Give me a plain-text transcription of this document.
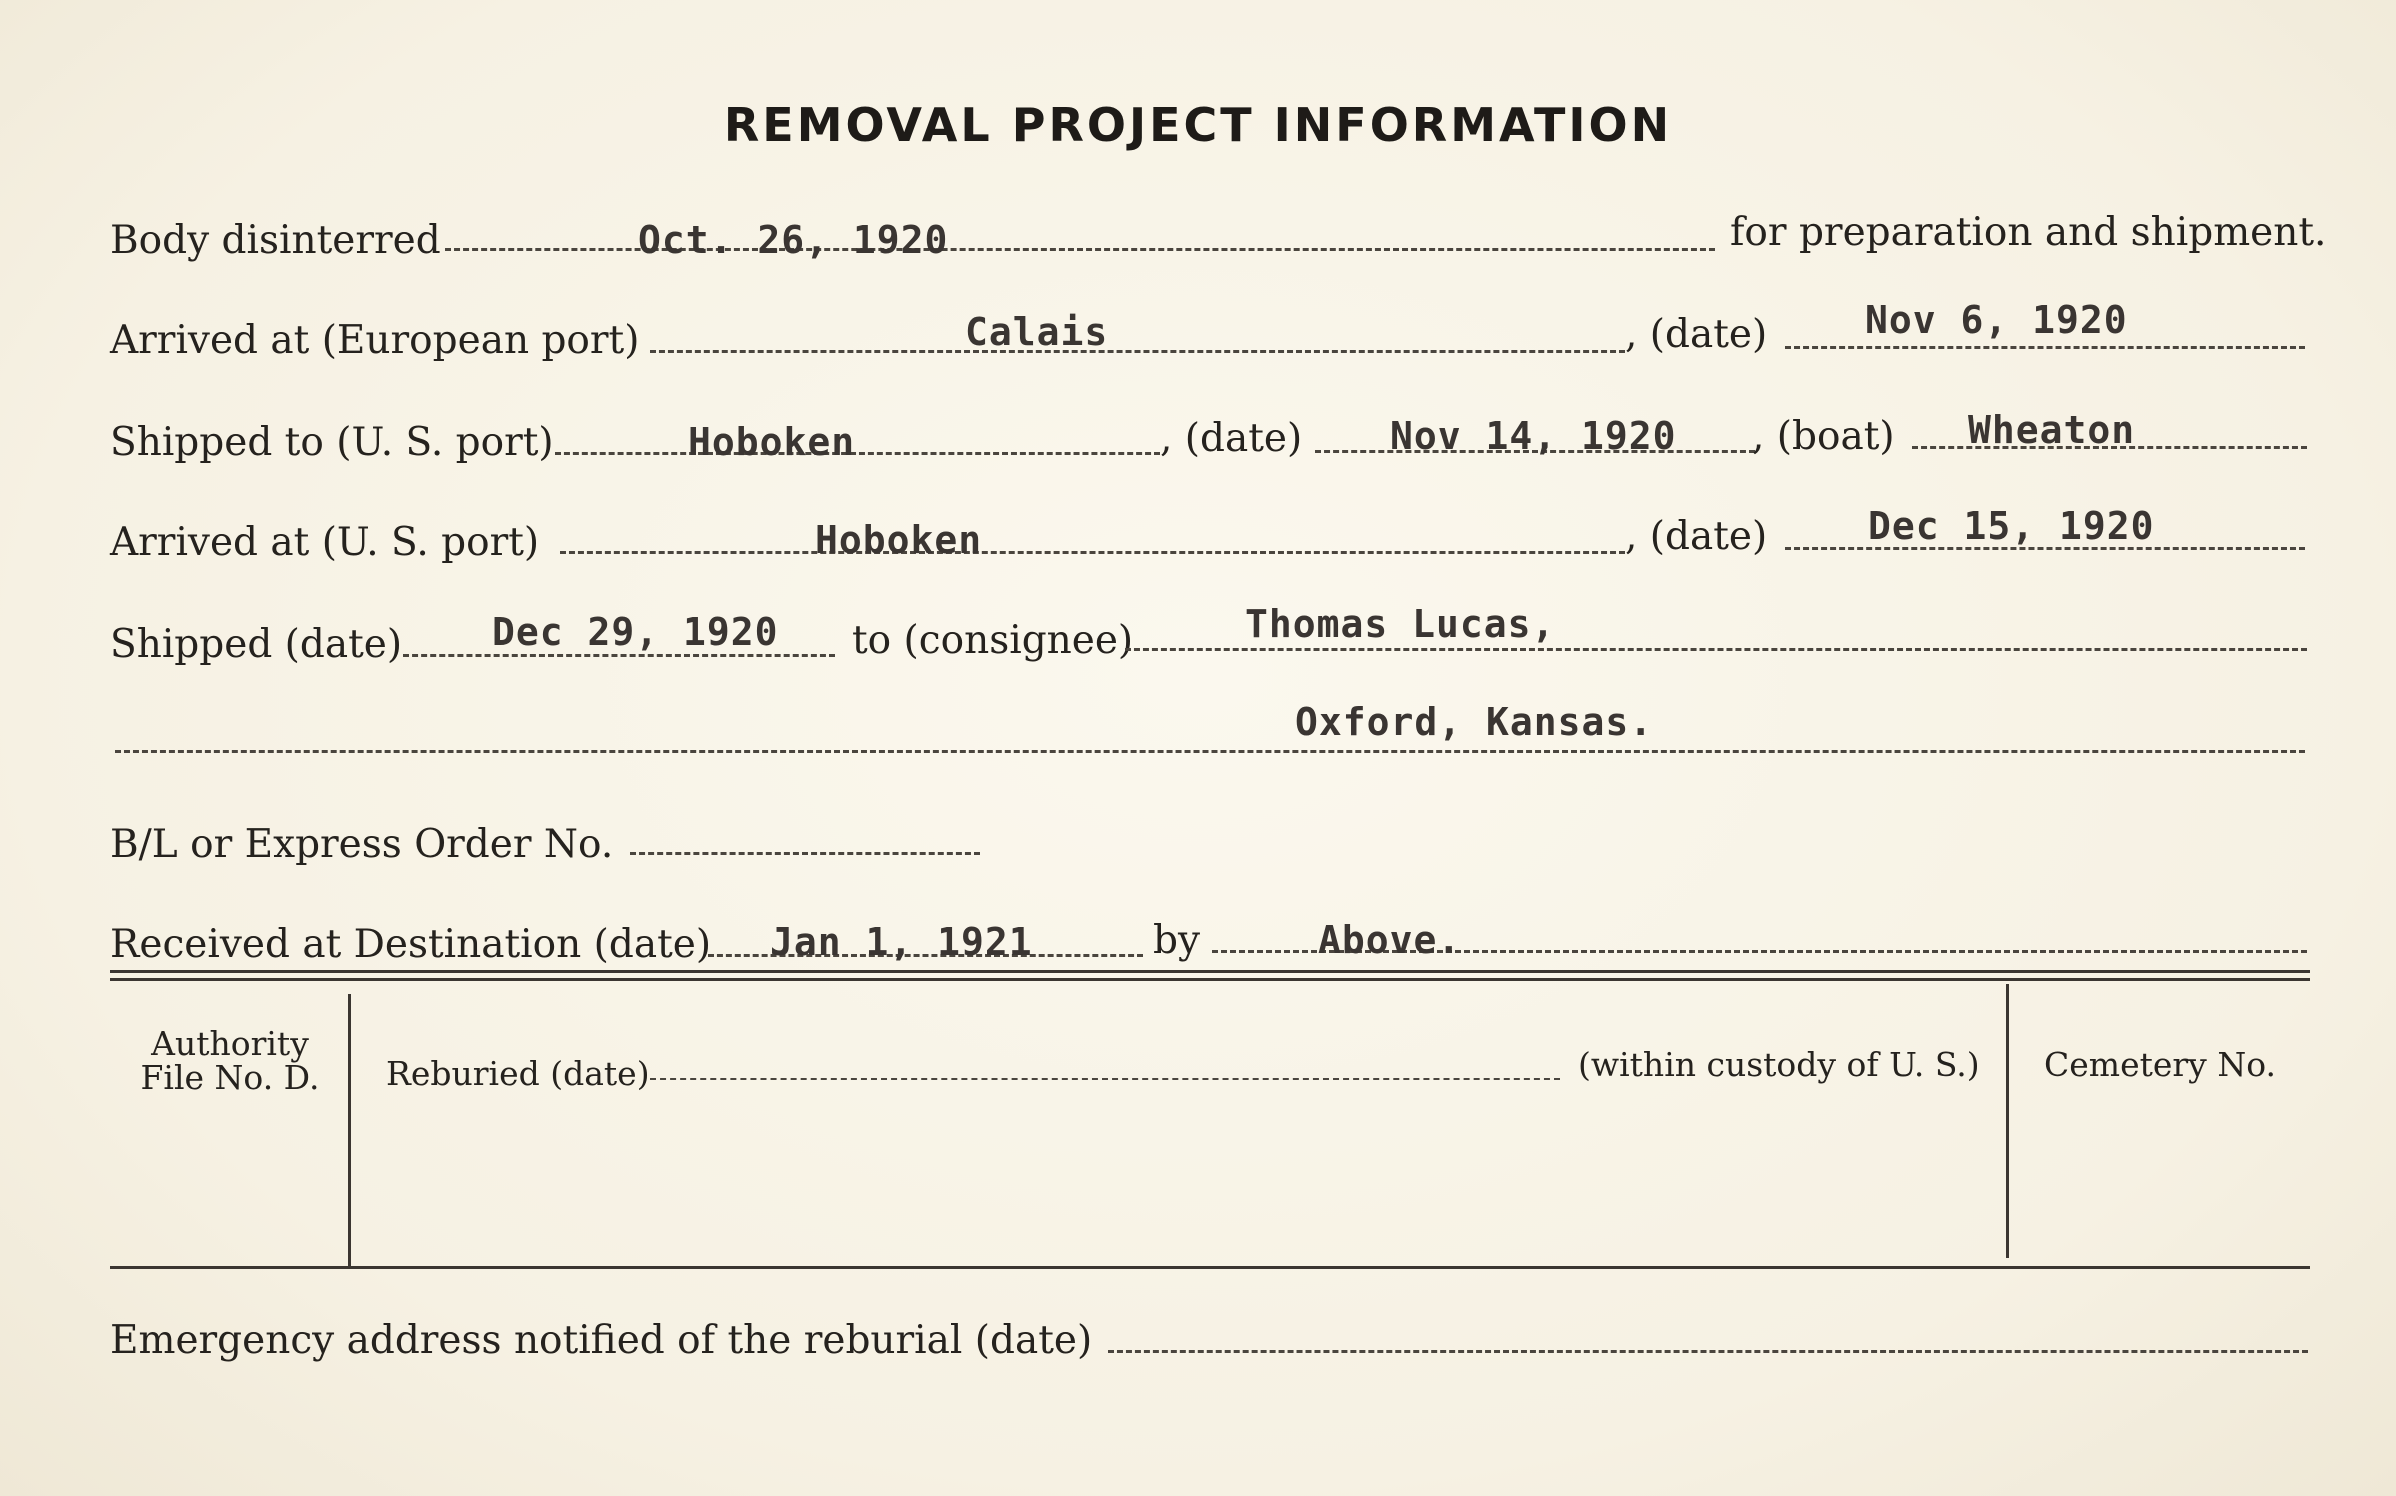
REMOVAL PROJECT INFORMATION
Body disinterred	Oct. 26, 1920	for preparation and shipment.
Arrived at (European port)	Calais	, (date)	Nov 6, 1920
Shipped to (U. S. port)	Hoboken	, (date) Nov 14, 1920 , (boat) Wheaton
Arrived at (U. S. port)	Hoboken	, (date)	Dec 15, 1920
Shipped (date) Dec 29, 1920 to (consignee)	Thomas Lucas,
Oxford, Kansas.
B/L or Express Order No.
Received at Destination (date) Jan 1, 1921	by	Above.
Authority
File No. D.	Reburied (date)	(within custody of U. S.)	Cemetery No.
Emergency address notified of the reburial (date)
